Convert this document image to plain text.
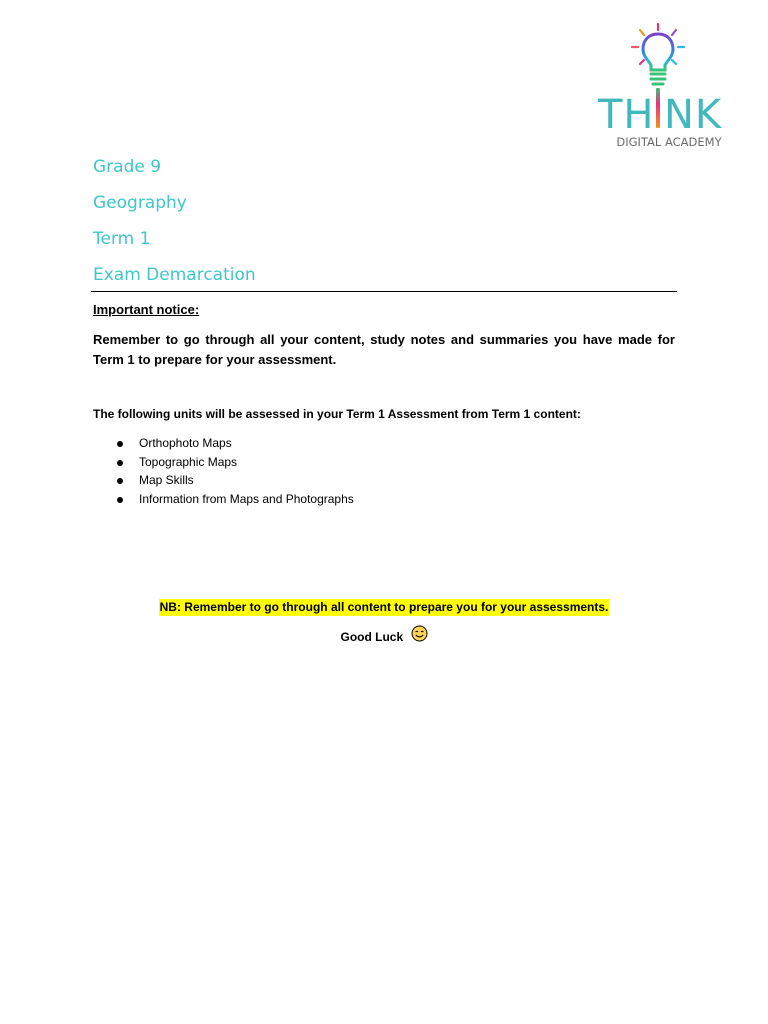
TH NK
DIGITAL ACADEMY
Grade 9
Geography
Term 1
Exam Demarcation
Important notice:
Remember to go through all your content, study notes and summaries you have made for Term 1 to prepare for your assessment.
The following units will be assessed in your Term 1 Assessment from Term 1 content:
Orthophoto Maps
Topographic Maps
Map Skills
Information from Maps and Photographs
NB: Remember to go through all content to prepare you for your assessments.
Good Luck
